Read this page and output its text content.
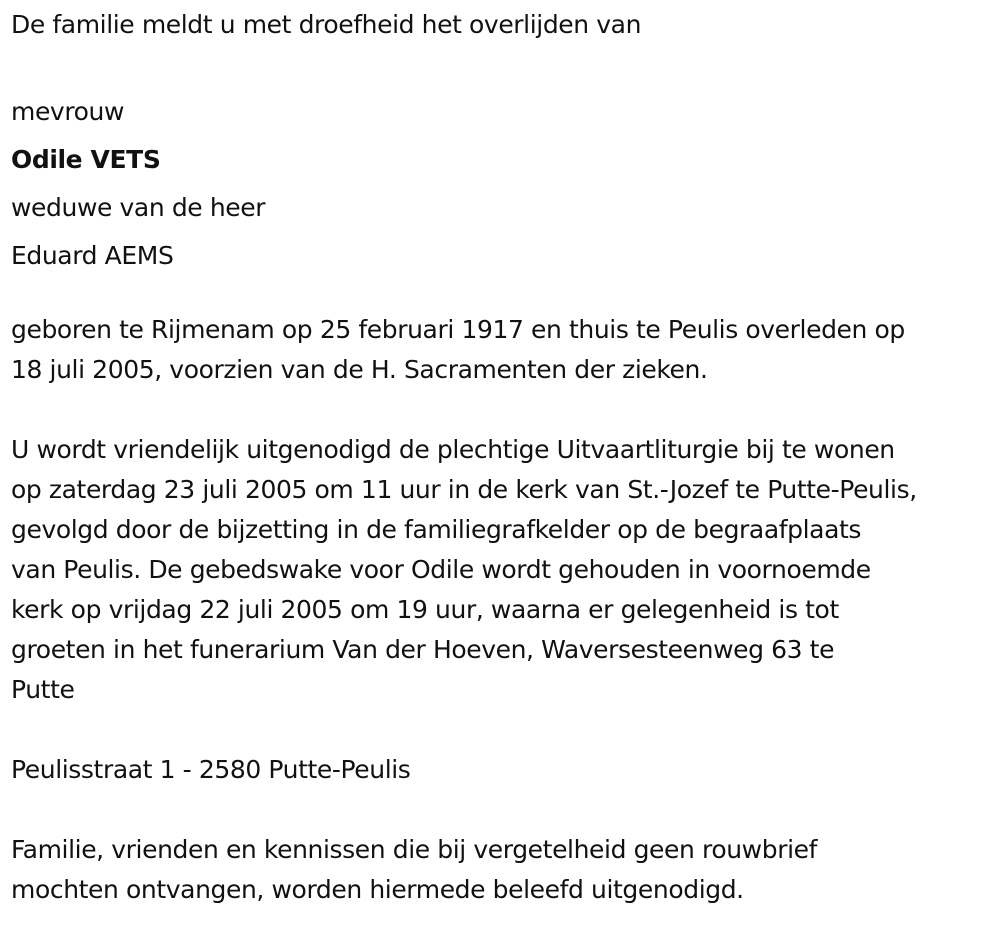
De familie meldt u met droefheid het overlijden van

mevrouw

Odile VETS

weduwe van de heer

Eduard AEMS

geboren te Rijmenam op 25 februari 1917 en thuis te Peulis overleden op
18 juli 2005, voorzien van de H. Sacramenten der zieken.

U wordt vriendelijk uitgenodigd de plechtige Uitvaartliturgie bij te wonen
op zaterdag 23 juli 2005 om 11 uur in de kerk van St.-Jozef te Putte-Peulis,
gevolgd door de bijzetting in de familiegrafkelder op de begraafplaats
van Peulis. De gebedswake voor Odile wordt gehouden in voornoemde
kerk op vrijdag 22 juli 2005 om 19 uur, waarna er gelegenheid is tot
groeten in het funerarium Van der Hoeven, Waversesteenweg 63 te
Putte

Peulisstraat 1 - 2580 Putte-Peulis

Familie, vrienden en kennissen die bij vergetelheid geen rouwbrief
mochten ontvangen, worden hiermede beleefd uitgenodigd.
